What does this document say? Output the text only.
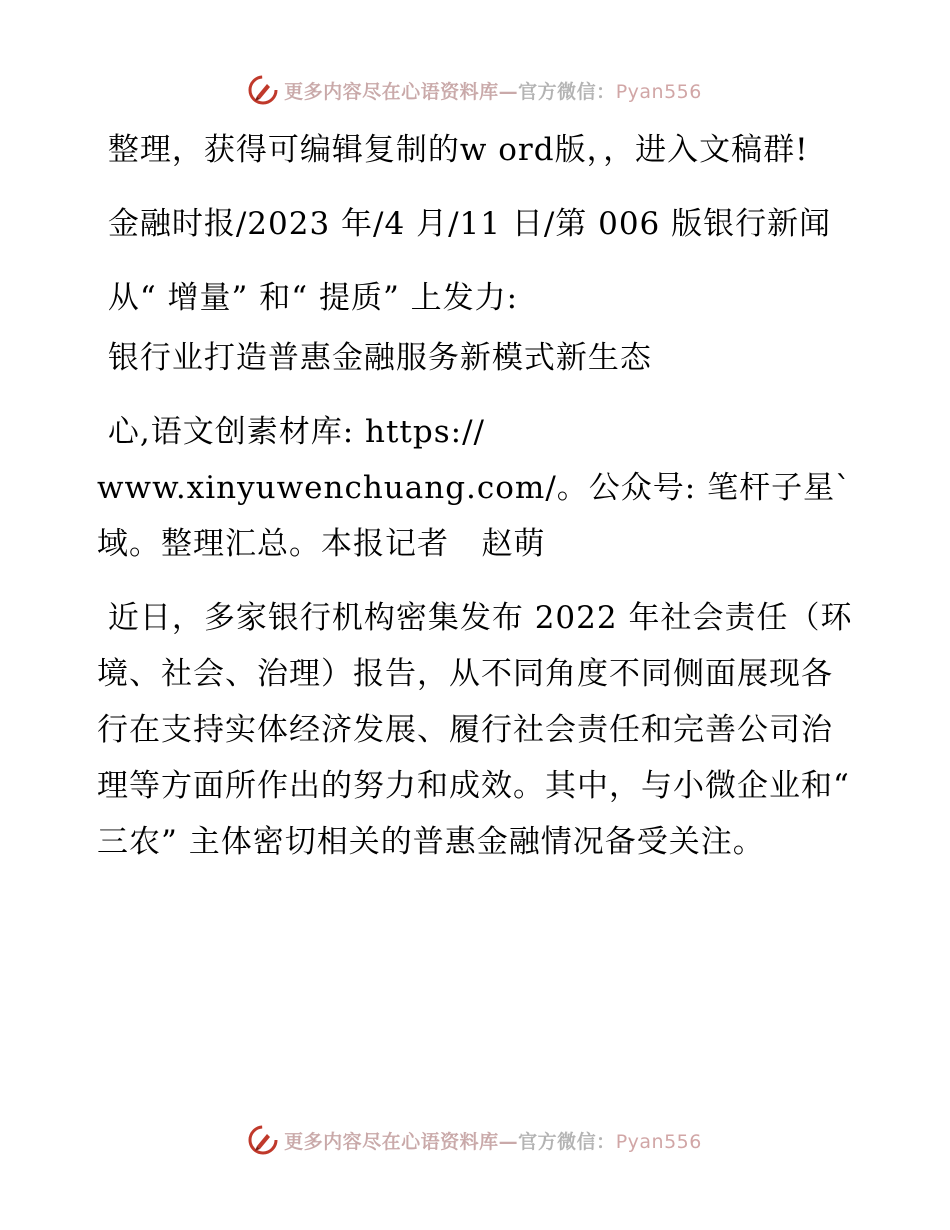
更多内容尽在心语资料库—官方微信：Pyan556

整理，获得可编辑复制的w ord版，，进入文稿群!

金融时报/2023 年/4 月/11 日/第 006 版银行新闻

从“ 增量” 和“ 提质” 上发力:

银行业打造普惠金融服务新模式新生态

心,语文创素材库: https://
www.xinyuwenchuang.com/。公众号: 笔杆子星`域。整理汇总。本报记者   赵萌

近日，多家银行机构密集发布 2022 年社会责任（环境、社会、治理）报告，从不同角度不同侧面展现各行在支持实体经济发展、履行社会责任和完善公司治理等方面所作出的努力和成效。其中，与小微企业和“ 三农” 主体密切相关的普惠金融情况备受关注。

更多内容尽在心语资料库—官方微信：Pyan556
